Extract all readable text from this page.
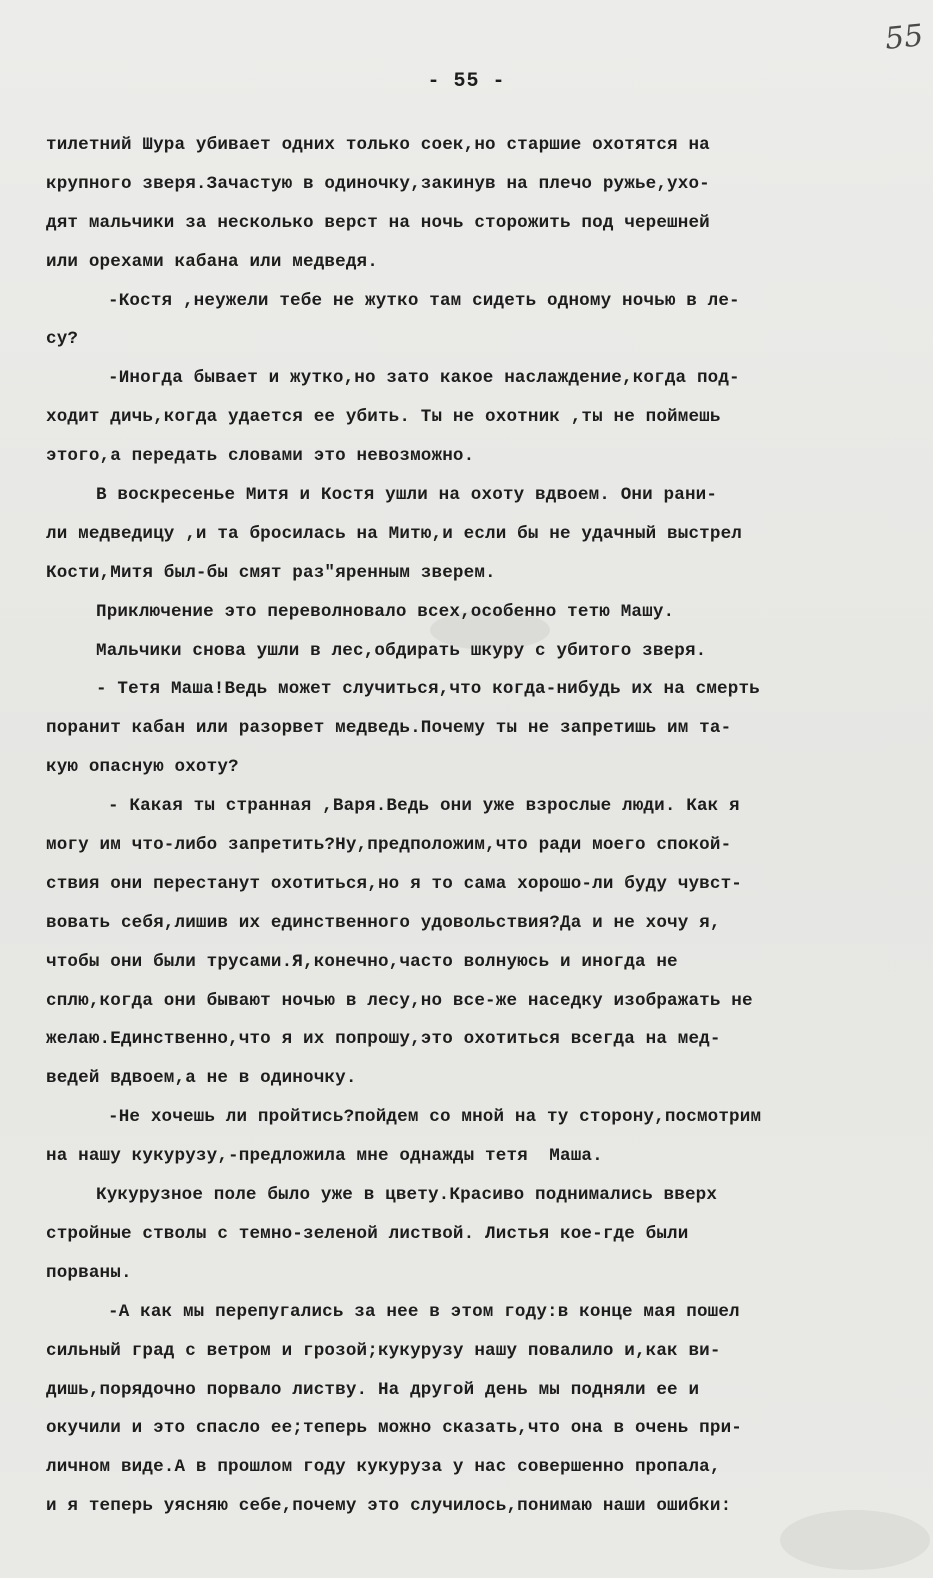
55
- 55 -
тилетний Шура убивает одних только соек,но старшие охотятся на
крупного зверя.Зачастую в одиночку,закинув на плечо ружье,ухо-
дят мальчики за несколько верст на ночь сторожить под черешней
или орехами кабана или медведя.
-Костя ,неужели тебе не жутко там сидеть одному ночью в ле-
су?
-Иногда бывает и жутко,но зато какое наслаждение,когда под-
ходит дичь,когда удается ее убить. Ты не охотник ,ты не поймешь
этого,а передать словами это невозможно.
В воскресенье Митя и Костя ушли на охоту вдвоем. Они рани-
ли медведицу ,и та бросилась на Митю,и если бы не удачный выстрел
Кости,Митя был-бы смят раз"яренным зверем.
Приключение это переволновало всех,особенно тетю Машу.
Мальчики снова ушли в лес,обдирать шкуру с убитого зверя.
- Тетя Маша!Ведь может случиться,что когда-нибудь их на смерть
поранит кабан или разорвет медведь.Почему ты не запретишь им та-
кую опасную охоту?
- Какая ты странная ,Варя.Ведь они уже взрослые люди. Как я
могу им что-либо запретить?Ну,предположим,что ради моего спокой-
ствия они перестанут охотиться,но я то сама хорошо-ли буду чувст-
вовать себя,лишив их единственного удовольствия?Да и не хочу я,
чтобы они были трусами.Я,конечно,часто волнуюсь и иногда не
сплю,когда они бывают ночью в лесу,но все-же наседку изображать не
желаю.Единственно,что я их попрошу,это охотиться всегда на мед-
ведей вдвоем,а не в одиночку.
-Не хочешь ли пройтись?пойдем со мной на ту сторону,посмотрим
на нашу кукурузу,-предложила мне однажды тетя  Маша.
Кукурузное поле было уже в цвету.Красиво поднимались вверх
стройные стволы с темно-зеленой листвой. Листья кое-где были
порваны.
-А как мы перепугались за нее в этом году:в конце мая пошел
сильный град с ветром и грозой;кукурузу нашу повалило и,как ви-
дишь,порядочно порвало листву. На другой день мы подняли ее и
окучили и это спасло ее;теперь можно сказать,что она в очень при-
личном виде.А в прошлом году кукуруза у нас совершенно пропала,
и я теперь уясняю себе,почему это случилось,понимаю наши ошибки:
